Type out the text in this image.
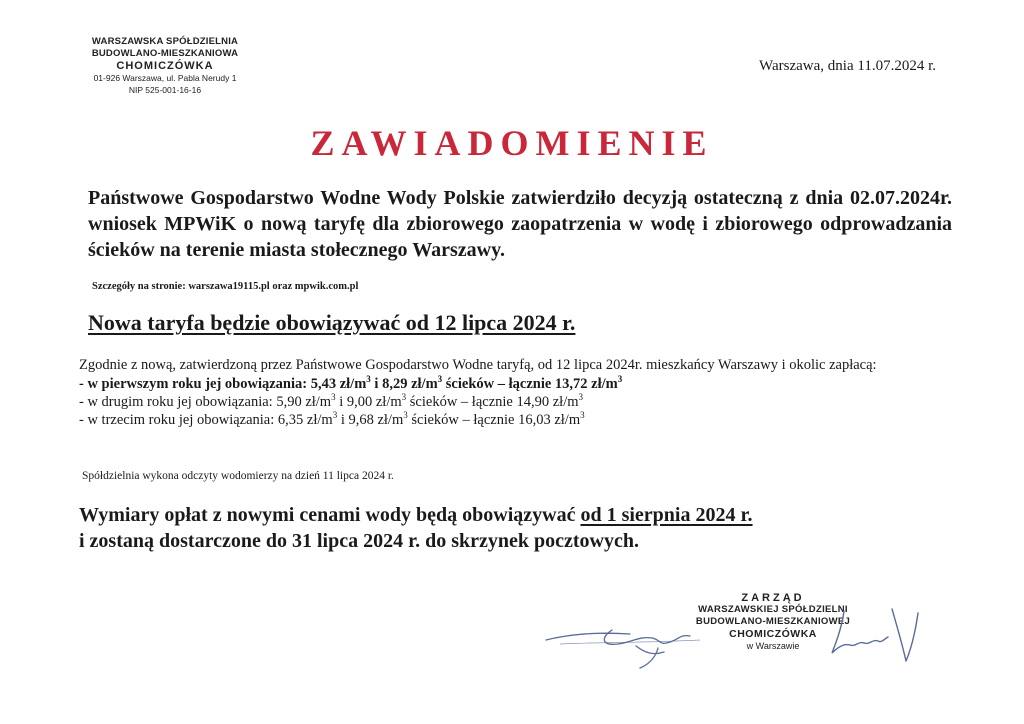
WARSZAWSKA SPÓŁDZIELNIA
BUDOWLANO-MIESZKANIOWA
CHOMICZÓWKA
01-926 Warszawa, ul. Pabla Nerudy 1
NIP 525-001-16-16
Warszawa, dnia 11.07.2024 r.
ZAWIADOMIENIE
Państwowe Gospodarstwo Wodne Wody Polskie zatwierdziło decyzją ostateczną z dnia 02.07.2024r. wniosek MPWiK o nową taryfę dla zbiorowego zaopatrzenia w wodę i zbiorowego odprowadzania ścieków na terenie miasta stołecznego Warszawy.
Szczegóły na stronie: warszawa19115.pl oraz mpwik.com.pl
Nowa taryfa będzie obowiązywać od 12 lipca 2024 r.

Zgodnie z nową, zatwierdzoną przez Państwowe Gospodarstwo Wodne taryfą, od 12 lipca 2024r. mieszkańcy Warszawy i okolic zapłacą:

- w pierwszym roku jej obowiązania: 5,43 $zł/m^3$ i 8,29 $zł/m^3$ ścieków – łącznie 13,72 $zł/m^3$

- w drugim roku jej obowiązania: 5,90 $zł/m^3$ i 9,00 $zł/m^3$ ścieków – łącznie 14,90 $zł/m^3$

- w trzecim roku jej obowiązania: 6,35 $zł/m^3$ i 9,68 $zł/m^3$ ścieków – łącznie 16,03 $zł/m^3$

Spółdzielnia wykona odczyty wodomierzy na dzień 11 lipca 2024 r.
Wymiary opłat z nowymi cenami wody będą obowiązywać od 1 sierpnia 2024 r.
i zostaną dostarczone do 31 lipca 2024 r. do skrzynek pocztowych.
ZARZĄD
WARSZAWSKIEJ SPÓŁDZIELNI
BUDOWLANO-MIESZKANIOWEJ
CHOMICZÓWKA
w Warszawie
